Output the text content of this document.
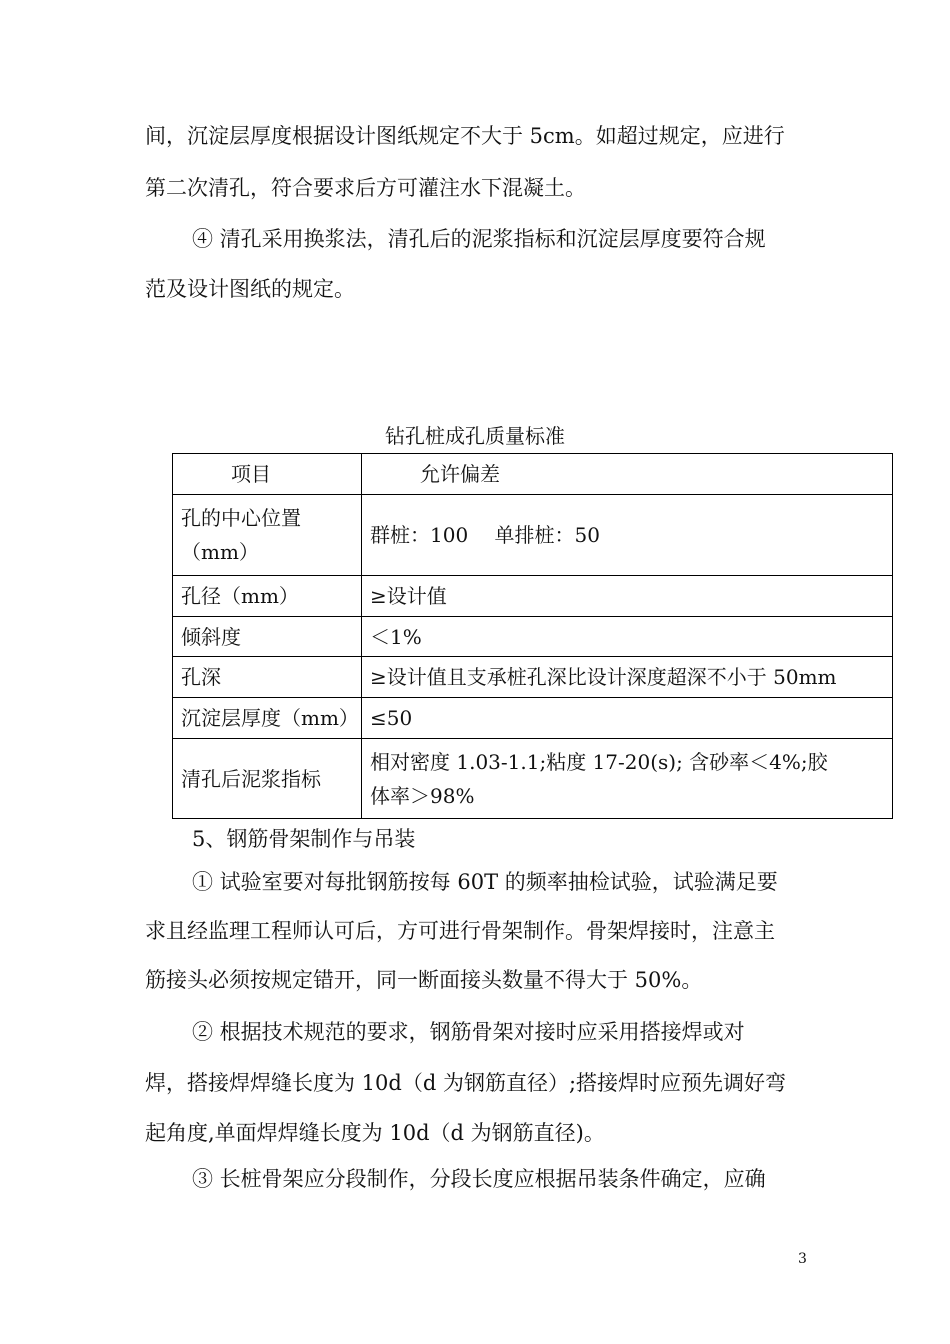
间，沉淀层厚度根据设计图纸规定不大于 5cm。如超过规定，应进行
第二次清孔，符合要求后方可灌注水下混凝土。
④ 清孔采用换浆法，清孔后的泥浆指标和沉淀层厚度要符合规
范及设计图纸的规定。
钻孔桩成孔质量标准
项目	允许偏差

孔的中心位置
（mm）	群桩：100　 单排桩：50
孔径（mm）	≥设计值
倾斜度	＜1%
孔深	≥设计值且支承桩孔深比设计深度超深不小于 50mm
沉淀层厚度（mm）	≤50
清孔后泥浆指标	相对密度 1.03-1.1;粘度 17-20(s); 含砂率＜4%;胶
体率＞98%
5、钢筋骨架制作与吊装
① 试验室要对每批钢筋按每 60T 的频率抽检试验，试验满足要
求且经监理工程师认可后，方可进行骨架制作。骨架焊接时，注意主
筋接头必须按规定错开，同一断面接头数量不得大于 50%。
② 根据技术规范的要求，钢筋骨架对接时应采用搭接焊或对
焊，搭接焊焊缝长度为 10d（d 为钢筋直径）;搭接焊时应预先调好弯
起角度,单面焊焊缝长度为 10d（d 为钢筋直径)。
③ 长桩骨架应分段制作，分段长度应根据吊装条件确定，应确
3
